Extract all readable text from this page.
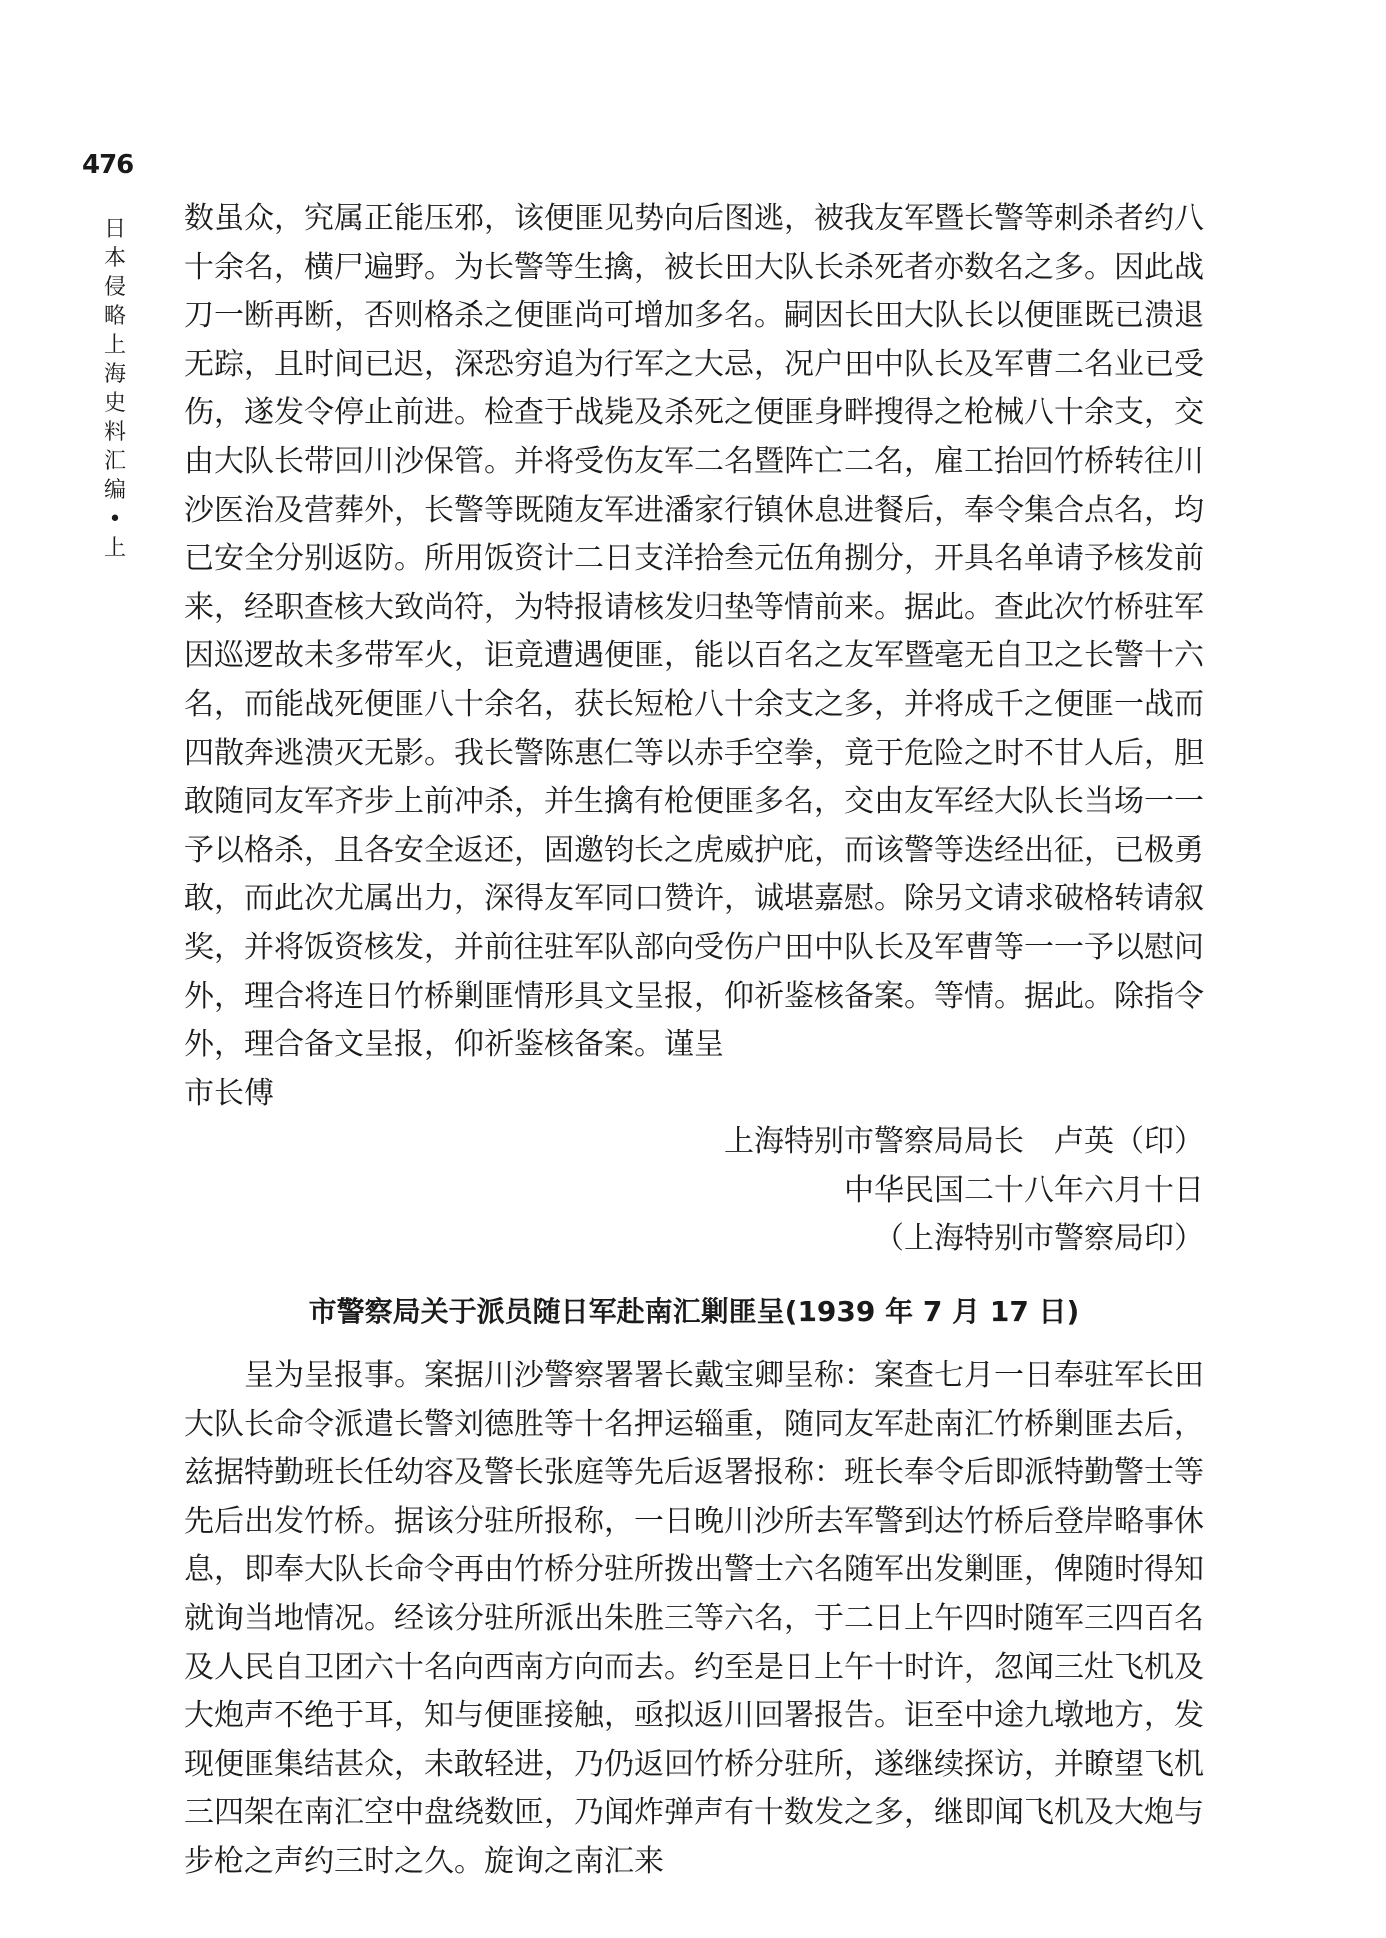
476
日本侵略上海史料汇编•上

数虽众，究属正能压邪，该便匪见势向后图逃，被我友军暨长警等刺杀者约八十余名，横尸遍野。为长警等生擒，被长田大队长杀死者亦数名之多。因此战刀一断再断，否则格杀之便匪尚可增加多名。嗣因长田大队长以便匪既已溃退无踪，且时间已迟，深恐穷追为行军之大忌，况户田中队长及军曹二名业已受伤，遂发令停止前进。检查于战毙及杀死之便匪身畔搜得之枪械八十余支，交由大队长带回川沙保管。并将受伤友军二名暨阵亡二名，雇工抬回竹桥转往川沙医治及营葬外，长警等既随友军进潘家行镇休息进餐后，奉令集合点名，均已安全分别返防。所用饭资计二日支洋拾叁元伍角捌分，开具名单请予核发前来，经职查核大致尚符，为特报请核发归垫等情前来。据此。查此次竹桥驻军因巡逻故未多带军火，讵竟遭遇便匪，能以百名之友军暨毫无自卫之长警十六名，而能战死便匪八十余名，获长短枪八十余支之多，并将成千之便匪一战而四散奔逃溃灭无影。我长警陈惠仁等以赤手空拳，竟于危险之时不甘人后，胆敢随同友军齐步上前冲杀，并生擒有枪便匪多名，交由友军经大队长当场一一予以格杀，且各安全返还，固邀钧长之虎威护庇，而该警等迭经出征，已极勇敢，而此次尤属出力，深得友军同口赞许，诚堪嘉慰。除另文请求破格转请叙奖，并将饭资核发，并前往驻军队部向受伤户田中队长及军曹等一一予以慰问外，理合将连日竹桥剿匪情形具文呈报，仰祈鉴核备案。等情。据此。除指令外，理合备文呈报，仰祈鉴核备案。谨呈

市长傅

上海特别市警察局局长　卢英（印）

中华民国二十八年六月十日

（上海特别市警察局印）

市警察局关于派员随日军赴南汇剿匪呈(1939 年 7 月 17 日)

呈为呈报事。案据川沙警察署署长戴宝卿呈称：案查七月一日奉驻军长田大队长命令派遣长警刘德胜等十名押运辎重，随同友军赴南汇竹桥剿匪去后，兹据特勤班长任幼容及警长张庭等先后返署报称：班长奉令后即派特勤警士等先后出发竹桥。据该分驻所报称，一日晚川沙所去军警到达竹桥后登岸略事休息，即奉大队长命令再由竹桥分驻所拨出警士六名随军出发剿匪，俾随时得知就询当地情况。经该分驻所派出朱胜三等六名，于二日上午四时随军三四百名及人民自卫团六十名向西南方向而去。约至是日上午十时许，忽闻三灶飞机及大炮声不绝于耳，知与便匪接触，亟拟返川回署报告。讵至中途九墩地方，发现便匪集结甚众，未敢轻进，乃仍返回竹桥分驻所，遂继续探访，并瞭望飞机三四架在南汇空中盘绕数匝，乃闻炸弹声有十数发之多，继即闻飞机及大炮与步枪之声约三时之久。旋询之南汇来
